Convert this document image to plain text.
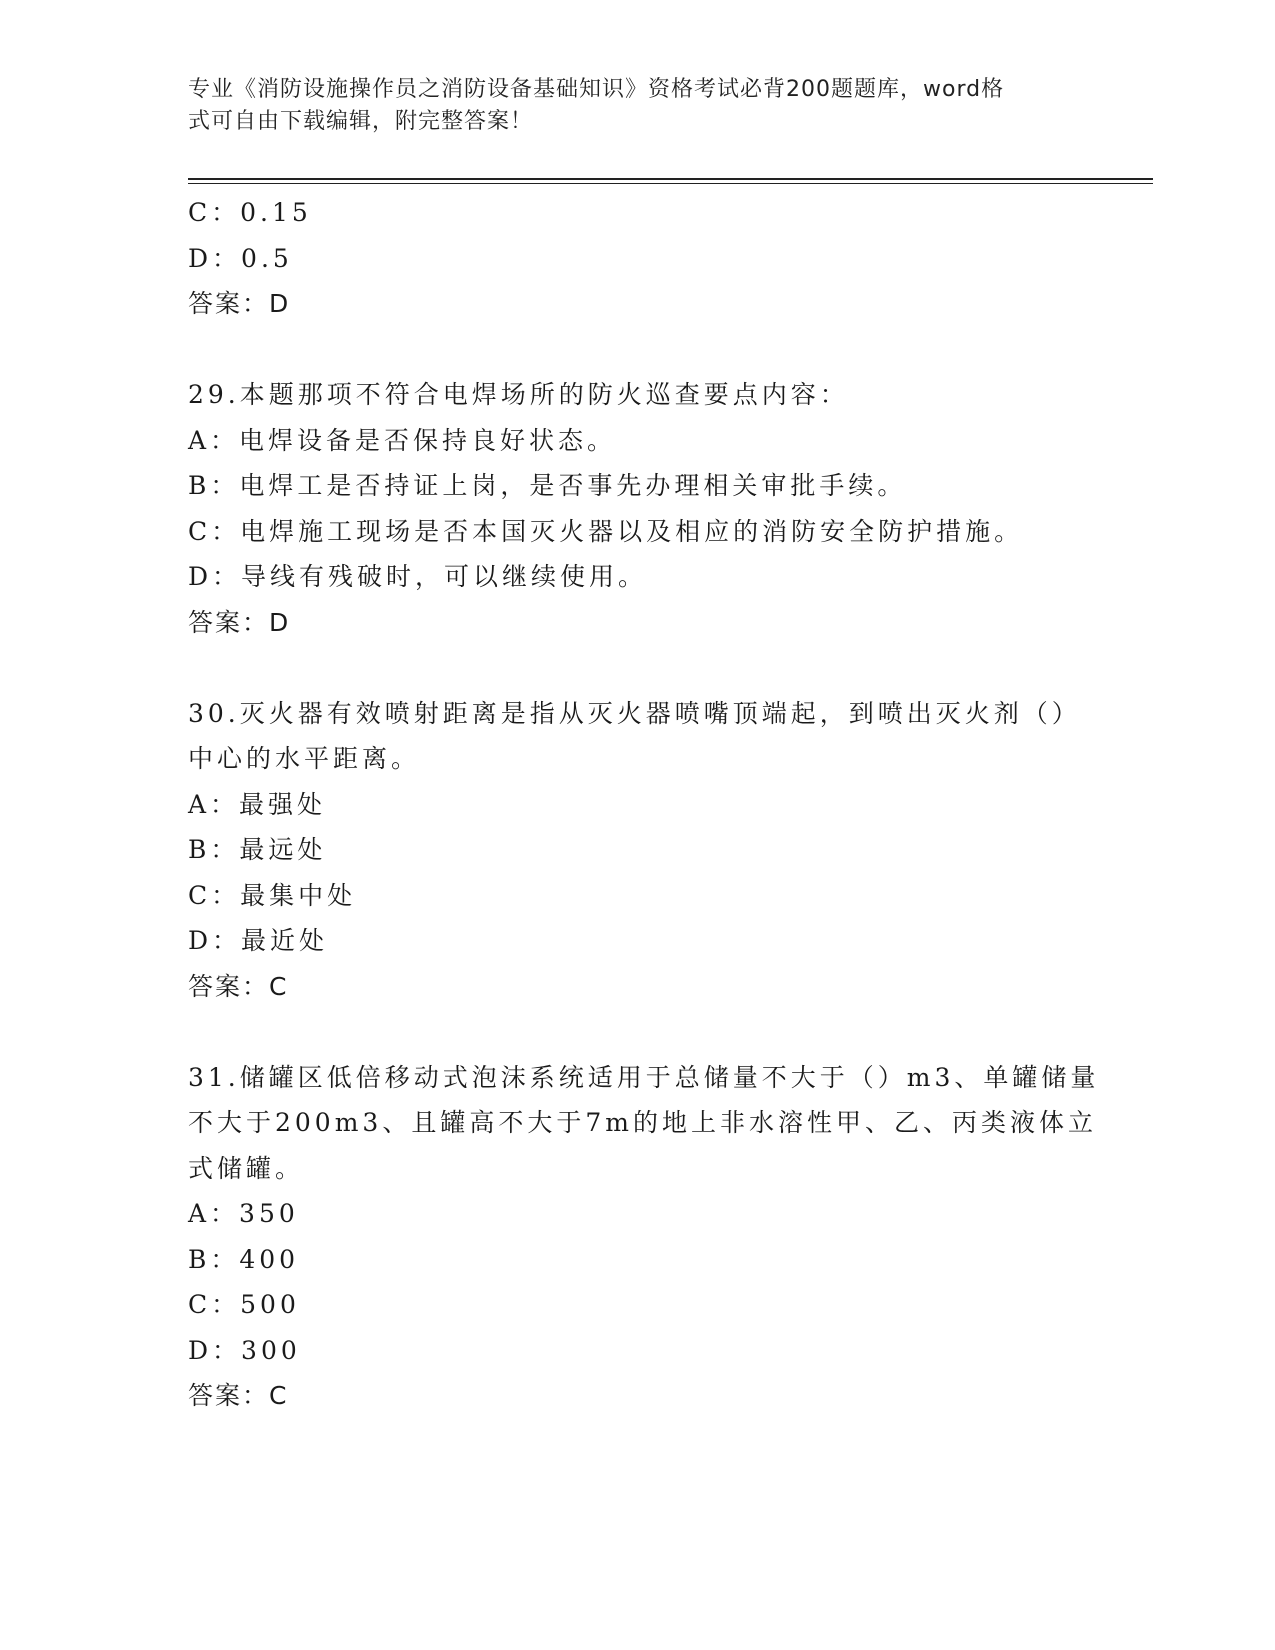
专业《消防设施操作员之消防设备基础知识》资格考试必背200题题库，word格
式可自由下载编辑，附完整答案！
C：0.15
D：0.5
答案：D
29.本题那项不符合电焊场所的防火巡查要点内容：
A：电焊设备是否保持良好状态。
B：电焊工是否持证上岗，是否事先办理相关审批手续。
C：电焊施工现场是否本国灭火器以及相应的消防安全防护措施。
D：导线有残破时，可以继续使用。
答案：D
30.灭火器有效喷射距离是指从灭火器喷嘴顶端起，到喷出灭火剂（）
中心的水平距离。
A：最强处
B：最远处
C：最集中处
D：最近处
答案：C
31.储罐区低倍移动式泡沫系统适用于总储量不大于（）m3、单罐储量
不大于200m3、且罐高不大于7m的地上非水溶性甲、乙、丙类液体立
式储罐。
A：350
B：400
C：500
D：300
答案：C
